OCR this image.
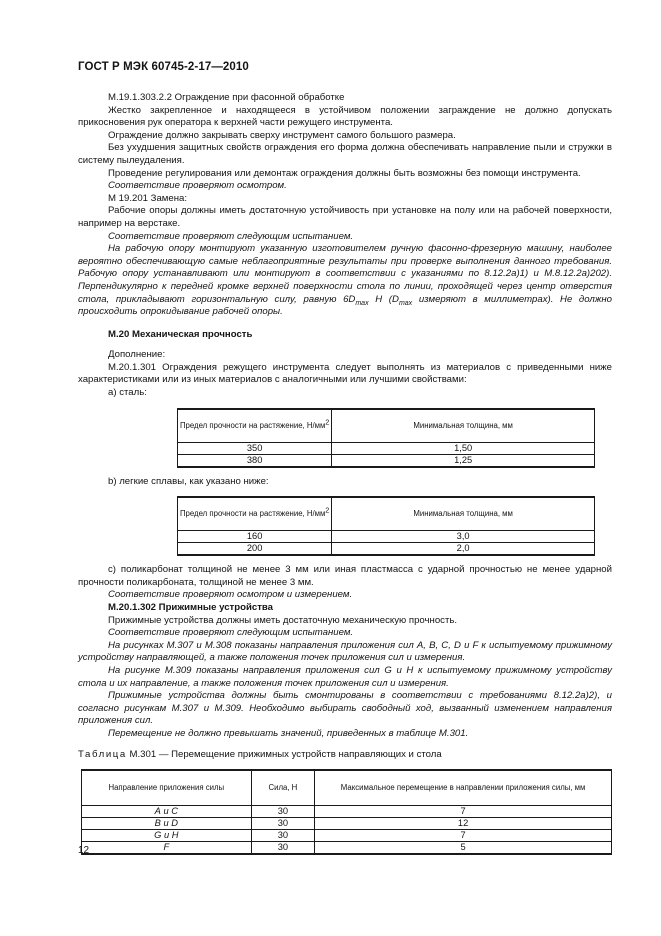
ГОСТ Р МЭК 60745-2-17—2010

М.19.1.303.2.2 Ограждение при фасонной обработке

Жестко закрепленное и находящееся в устойчивом положении заграждение не должно допускать прикосновения рук оператора к верхней части режущего инструмента.

Ограждение должно закрывать сверху инструмент самого большого размера.

Без ухудшения защитных свойств ограждения его форма должна обеспечивать направление пыли и стружки в систему пылеудаления.

Проведение регулирования или демонтаж ограждения должны быть возможны без помощи инструмента.

Соответствие проверяют осмотром.

М 19.201 Замена:

Рабочие опоры должны иметь достаточную устойчивость при установке на полу или на рабочей поверхности, например на верстаке.

Соответствие проверяют следующим испытанием.

На рабочую опору монтируют указанную изготовителем ручную фасонно-фрезерную машину, наиболее вероятно обеспечивающую самые неблагоприятные результаты при проверке выполнения данного требования. Рабочую опору устанавливают или монтируют в соответствии с указаниями по 8.12.2а)1) и М.8.12.2а)202). Перпендикулярно к передней кромке верхней поверхности стола по линии, проходящей через центр отверстия стола, прикладывают горизонтальную силу, равную $6D_{max}$ Н ($D_{max}$ измеряют в миллиметрах). Не должно происходить опрокидывание рабочей опоры.

М.20 Механическая прочность

Дополнение:

М.20.1.301 Ограждения режущего инструмента следует выполнять из материалов с приведенными ниже характеристиками или из иных материалов с аналогичными или лучшими свойствами:

а) сталь:

Предел прочности на растяжение, $Н/мм^2$	Минимальная толщина, мм
350	1,50
380	1,25

b) легкие сплавы, как указано ниже:

Предел прочности на растяжение, $Н/мм^2$	Минимальная толщина, мм
160	3,0
200	2,0

с) поликарбонат толщиной не менее 3 мм или иная пластмасса с ударной прочностью не менее ударной прочности поликарбоната, толщиной не менее 3 мм.

Соответствие проверяют осмотром и измерением.

М.20.1.302 Прижимные устройства

Прижимные устройства должны иметь достаточную механическую прочность.

Соответствие проверяют следующим испытанием.

На рисунках М.307 и М.308 показаны направления приложения сил А, В, С, D и F к испытуемому прижимному устройству направляющей, а также положения точек приложения сил и измерения.

На рисунке М.309 показаны направления приложения сил G и Н к испытуемому прижимному устройству стола и их направление, а также положения точек приложения сил и измерения.

Прижимные устройства должны быть смонтированы в соответствии с требованиями 8.12.2а)2), и согласно рисункам М.307 и М.309. Необходимо выбирать свободный ход, вызванный изменением направления приложения сил.

Перемещение не должно превышать значений, приведенных в таблице М.301.

Таблица М.301 — Перемещение прижимных устройств направляющих и стола

Направление приложения силы	Сила, Н	Максимальное перемещение в направлении приложения силы, мм
А и С	30	7
В и D	30	12
G и H	30	7
F	30	5
12
